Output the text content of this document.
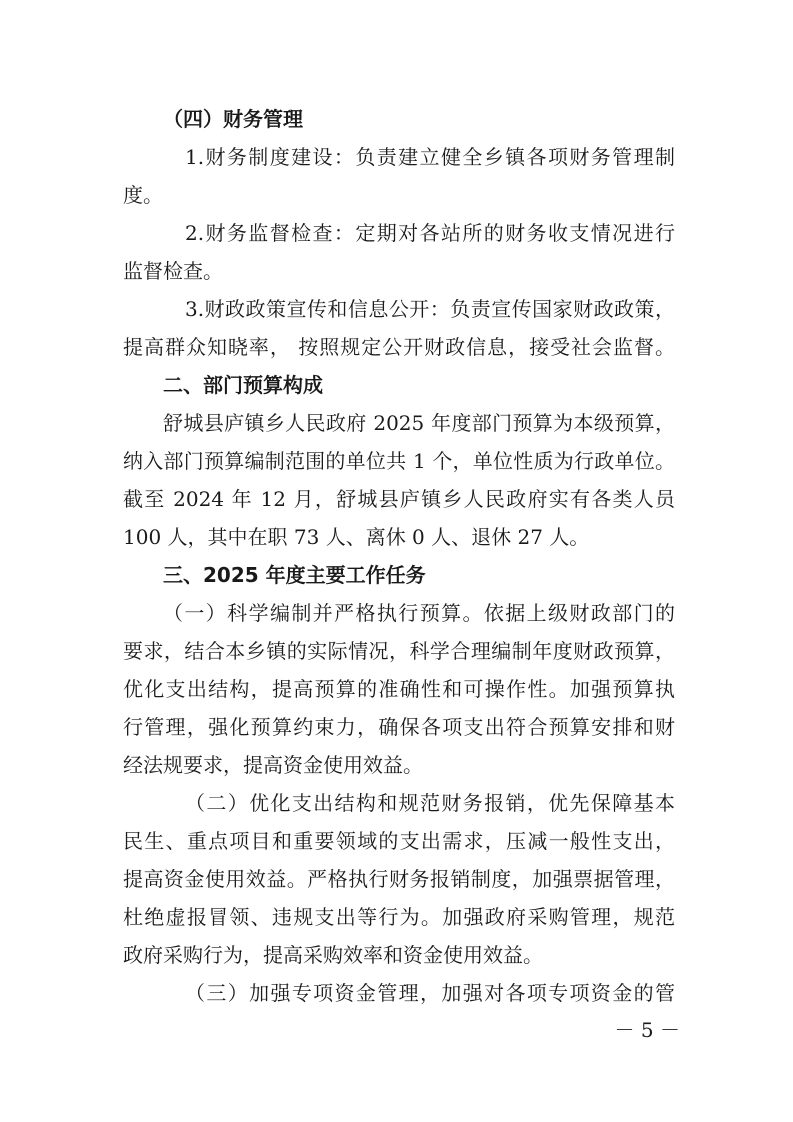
（四）财务管理
1.财务制度建设：负责建立健全乡镇各项财务管理制
度。
2.财务监督检查：定期对各站所的财务收支情况进行
监督检查。
3.财政政策宣传和信息公开：负责宣传国家财政政策，
提高群众知晓率， 按照规定公开财政信息，接受社会监督。
二、部门预算构成
舒城县庐镇乡人民政府 2025 年度部门预算为本级预算，
纳入部门预算编制范围的单位共 1 个，单位性质为行政单位。
截至 2024 年 12 月，舒城县庐镇乡人民政府实有各类人员
100 人，其中在职 73 人、离休 0 人、退休 27 人。
三、2025 年度主要工作任务
（一）科学编制并严格执行预算。依据上级财政部门的
要求，结合本乡镇的实际情况，科学合理编制年度财政预算，
优化支出结构，提高预算的准确性和可操作性。加强预算执
行管理，强化预算约束力，确保各项支出符合预算安排和财
经法规要求，提高资金使用效益。
（二）优化支出结构和规范财务报销，优先保障基本
民生、重点项目和重要领域的支出需求，压减一般性支出，
提高资金使用效益。严格执行财务报销制度，加强票据管理，
杜绝虚报冒领、违规支出等行为。加强政府采购管理，规范
政府采购行为，提高采购效率和资金使用效益。
（三）加强专项资金管理，加强对各项专项资金的管
－ 5 －
